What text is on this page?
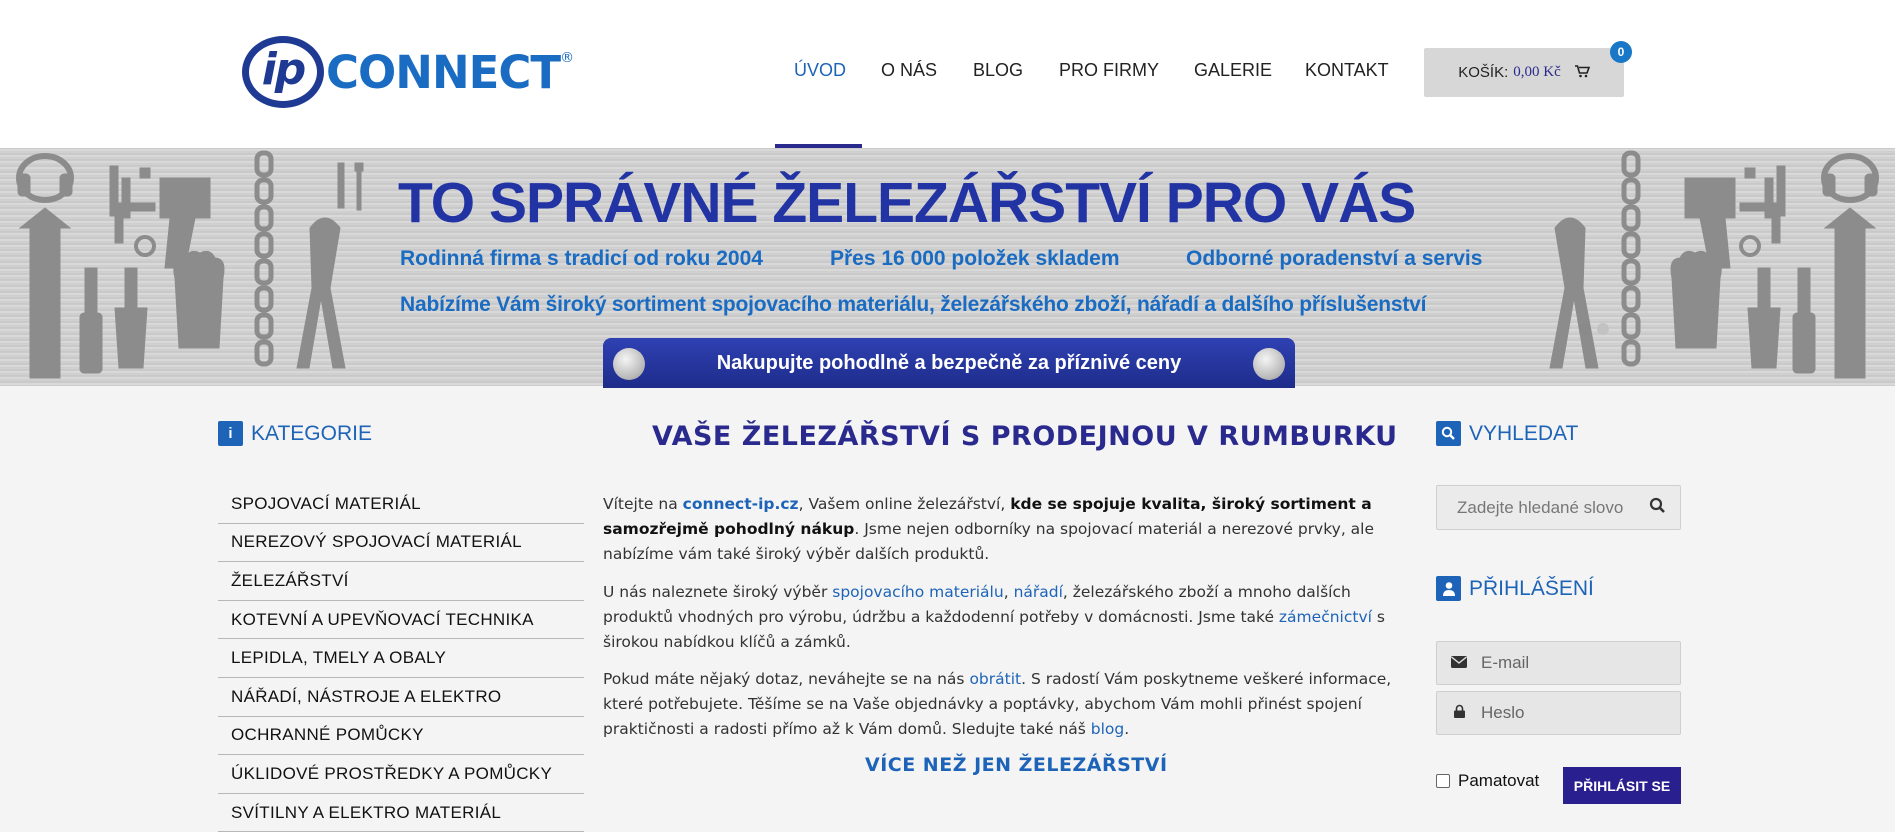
ip CONNECT ®
ÚVOD O NÁS BLOG PRO FIRMY GALERIE KONTAKT	KOŠÍK: 0,00 Kč
0
TO SPRÁVNÉ ŽELEZÁŘSTVÍ PRO VÁS
Rodinná firma s tradicí od roku 2004	Přes 16 000 položek skladem	Odborné poradenství a servis
Nabízíme Vám široký sortiment spojovacího materiálu, železářského zboží, nářadí a dalšího příslušenství
Nakupujte pohodlně a bezpečně za příznivé ceny
i KATEGORIE
SPOJOVACÍ MATERIÁL
NEREZOVÝ SPOJOVACÍ MATERIÁL
ŽELEZÁŘSTVÍ
KOTEVNÍ A UPEVŇOVACÍ TECHNIKA
LEPIDLA, TMELY A OBALY
NÁŘADÍ, NÁSTROJE A ELEKTRO
OCHRANNÉ POMŮCKY
ÚKLIDOVÉ PROSTŘEDKY A POMŮCKY
SVÍTILNY A ELEKTRO MATERIÁL
VAŠE ŽELEZÁŘSTVÍ S PRODEJNOU V RUMBURKU

Vítejte na connect-ip.cz, Vašem online železářství, kde se spojuje kvalita, široký sortiment a samozřejmě pohodlný nákup. Jsme nejen odborníky na spojovací materiál a nerezové prvky, ale nabízíme vám také široký výběr dalších produktů.

U nás naleznete široký výběr spojovacího materiálu, nářadí, železářského zboží a mnoho dalších produktů vhodných pro výrobu, údržbu a každodenní potřeby v domácnosti. Jsme také zámečnictví s širokou nabídkou klíčů a zámků.

Pokud máte nějaký dotaz, neváhejte se na nás obrátit. S radostí Vám poskytneme veškeré informace, které potřebujete. Těšíme se na Vaše objednávky a poptávky, abychom Vám mohli přinést spojení praktičnosti a radosti přímo až k Vám domů. Sledujte také náš blog.

VÍCE NEŽ JEN ŽELEZÁŘSTVÍ
VYHLEDAT
Zadejte hledané slovo
PŘIHLÁŠENÍ
E-mail
Heslo
Pamatovat	PŘIHLÁSIT SE
